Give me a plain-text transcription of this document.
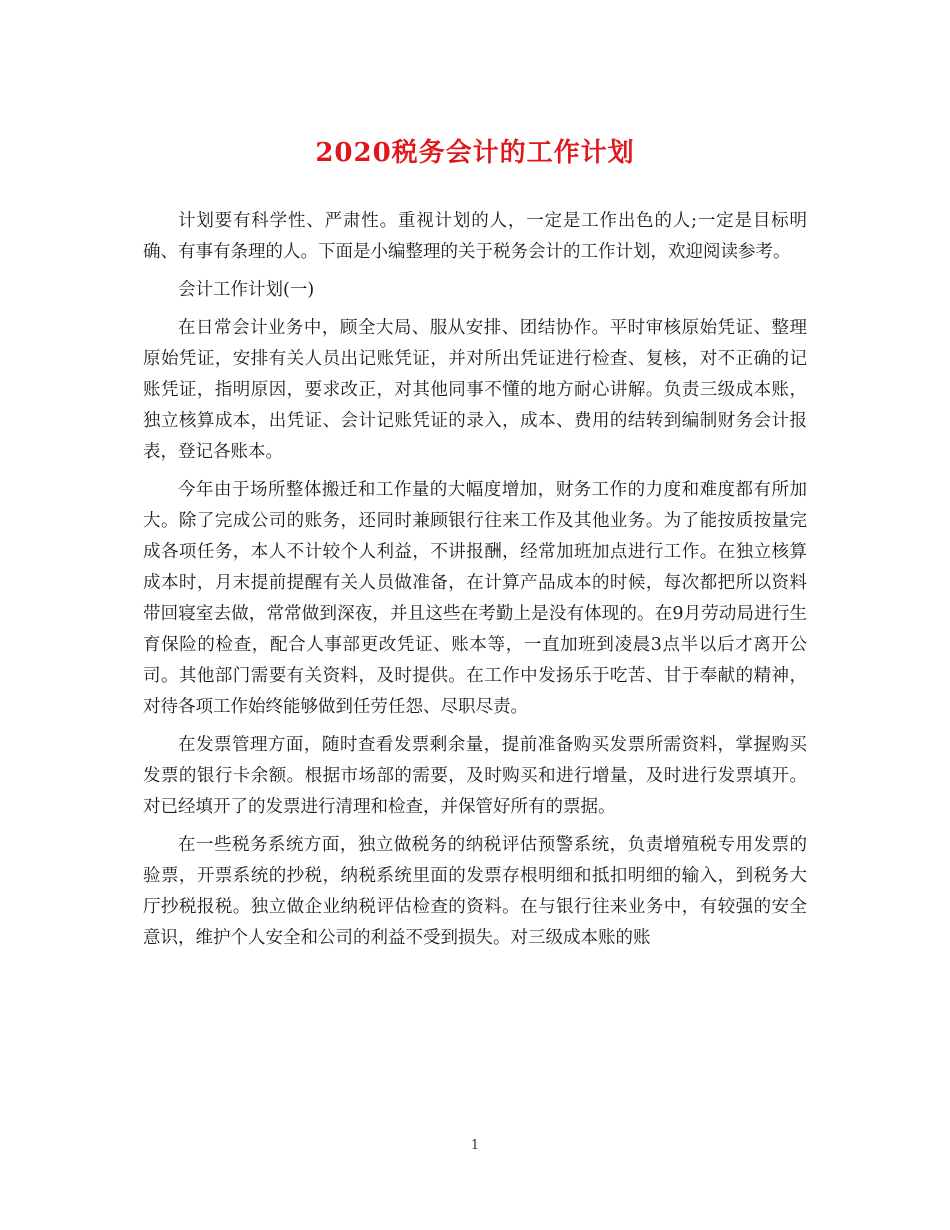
2020税务会计的工作计划

计划要有科学性、严肃性。重视计划的人，一定是工作出色的人;一定是目标明确、有事有条理的人。下面是小编整理的关于税务会计的工作计划，欢迎阅读参考。

会计工作计划(一)

在日常会计业务中，顾全大局、服从安排、团结协作。平时审核原始凭证、整理原始凭证，安排有关人员出记账凭证，并对所出凭证进行检查、复核，对不正确的记账凭证，指明原因，要求改正，对其他同事不懂的地方耐心讲解。负责三级成本账，独立核算成本，出凭证、会计记账凭证的录入，成本、费用的结转到编制财务会计报表，登记各账本。

今年由于场所整体搬迁和工作量的大幅度增加，财务工作的力度和难度都有所加大。除了完成公司的账务，还同时兼顾银行往来工作及其他业务。为了能按质按量完成各项任务，本人不计较个人利益，不讲报酬，经常加班加点进行工作。在独立核算成本时，月末提前提醒有关人员做准备，在计算产品成本的时候，每次都把所以资料带回寝室去做，常常做到深夜，并且这些在考勤上是没有体现的。在9月劳动局进行生育保险的检查，配合人事部更改凭证、账本等，一直加班到凌晨3点半以后才离开公司。其他部门需要有关资料，及时提供。在工作中发扬乐于吃苦、甘于奉献的精神，对待各项工作始终能够做到任劳任怨、尽职尽责。

在发票管理方面，随时查看发票剩余量，提前准备购买发票所需资料，掌握购买发票的银行卡余额。根据市场部的需要，及时购买和进行增量，及时进行发票填开。对已经填开了的发票进行清理和检查，并保管好所有的票据。

在一些税务系统方面，独立做税务的纳税评估预警系统，负责增殖税专用发票的验票，开票系统的抄税，纳税系统里面的发票存根明细和抵扣明细的输入，到税务大厅抄税报税。独立做企业纳税评估检查的资料。在与银行往来业务中，有较强的安全意识，维护个人安全和公司的利益不受到损失。对三级成本账的账

1
